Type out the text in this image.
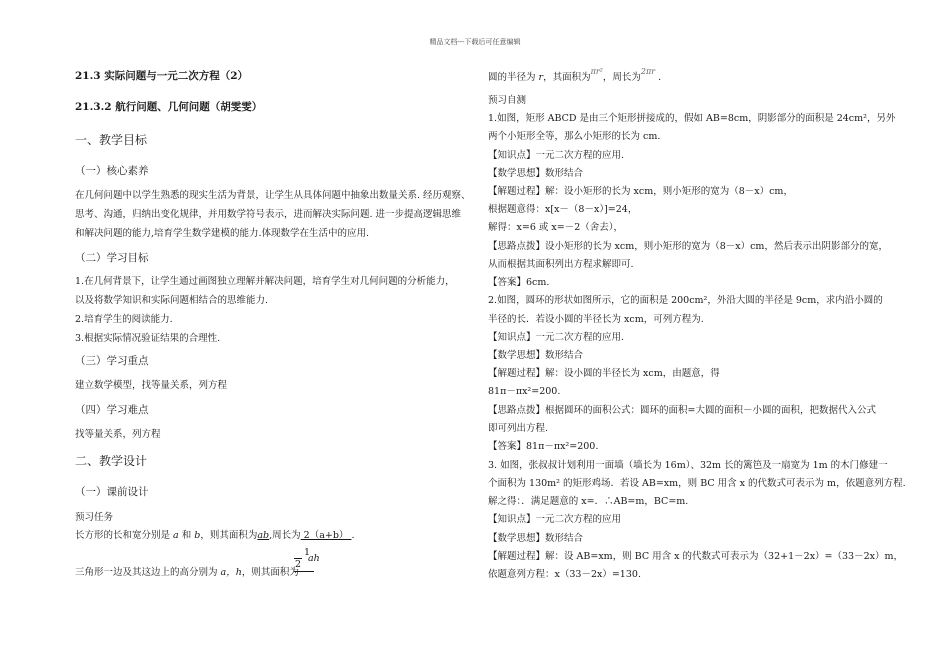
精品文档---下载后可任意编辑
21.3 实际问题与一元二次方程（2）
21.3.2 航行问题、几何问题（胡雯雯）
一、教学目标
（一）核心素养
在几何问题中以学生熟悉的现实生活为背景，让学生从具体问题中抽象出数量关系. 经历观察、
思考、沟通，归纳出变化规律，并用数学符号表示，进而解决实际问题. 进一步提高逻辑思维
和解决问题的能力,培育学生数学建模的能力.体现数学在生活中的应用.
（二）学习目标
1.在几何背景下，让学生通过画图独立理解并解决问题，培育学生对几何问题的分析能力，
以及将数学知识和实际问题相结合的思维能力.
2.培育学生的阅读能力.
3.根据实际情况验证结果的合理性.
（三）学习重点
建立数学模型，找等量关系，列方程
（四）学习难点
找等量关系，列方程
二、教学设计
（一）课前设计
预习任务
长方形的长和宽分别是 a 和 b，则其面积为ab,周长为 2（a+b） .
三角形一边及其这边上的高分别为 a，h，则其面积为
1
ah
2
圆的半径为 r，其面积为$^{\pi r^2}$，周长为$^{2\pi r}$ .
预习自测
1.如图，矩形 ABCD 是由三个矩形拼接成的，假如 AB=8cm，阴影部分的面积是 24cm²，另外
两个小矩形全等，那么小矩形的长为 cm.
【知识点】一元二次方程的应用.
【数学思想】数形结合
【解题过程】解：设小矩形的长为 xcm，则小矩形的宽为（8－x）cm，
根据题意得：x[x－（8－x）]=24，
解得：x=6 或 x=－2（舍去），
【思路点拨】设小矩形的长为 xcm，则小矩形的宽为（8－x）cm，然后表示出阴影部分的宽，
从而根据其面积列出方程求解即可.
【答案】6cm.
2.如图，圆环的形状如图所示，它的面积是 200cm²，外沿大圆的半径是 9cm，求内沿小圆的
半径的长．若设小圆的半径长为 xcm，可列方程为.
【知识点】一元二次方程的应用.
【数学思想】数形结合
【解题过程】解：设小圆的半径长为 xcm，由题意，得
81π－πx²=200.
【思路点拨】根据圆环的面积公式：圆环的面积=大圆的面积－小圆的面积，把数据代入公式
即可列出方程.
【答案】81π－πx²=200.
3. 如图，张叔叔计划利用一面墙（墙长为 16m）、32m 长的篱笆及一扇宽为 1m 的木门修建一
个面积为 130m² 的矩形鸡场．若设 AB=xm，则 BC 用含 x 的代数式可表示为 m，依题意列方程.
解之得：．满足题意的 x=．∴AB=m，BC=m.
【知识点】一元二次方程的应用
【数学思想】数形结合
【解题过程】解：设 AB=xm，则 BC 用含 x 的代数式可表示为（32+1－2x）=（33－2x）m，
依题意列方程：x（33－2x）=130.
